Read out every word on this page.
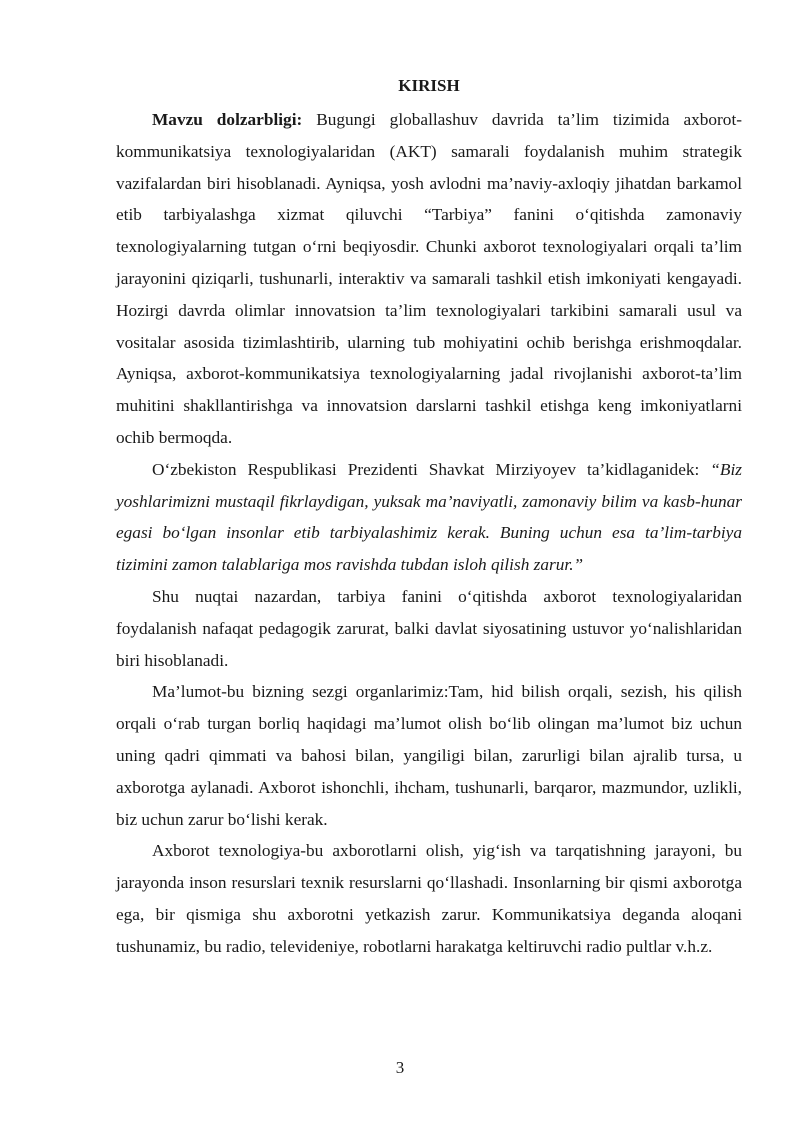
KIRISH

Mavzu dolzarbligi: Bugungi globallashuv davrida ta’lim tizimida axborot-kommunikatsiya texnologiyalaridan (AKT) samarali foydalanish muhim strategik vazifalardan biri hisoblanadi. Ayniqsa, yosh avlodni ma’naviy-axloqiy jihatdan barkamol etib tarbiyalashga xizmat qiluvchi “Tarbiya” fanini o‘qitishda zamonaviy texnologiyalarning tutgan o‘rni beqiyosdir. Chunki axborot texnologiyalari orqali ta’lim jarayonini qiziqarli, tushunarli, interaktiv va samarali tashkil etish imkoniyati kengayadi. Hozirgi davrda olimlar innovatsion ta’lim texnologiyalari tarkibini samarali usul va vositalar asosida tizimlashtirib, ularning tub mohiyatini ochib berishga erishmoqdalar. Ayniqsa, axborot-kommunikatsiya texnologiyalarning jadal rivojlanishi axborot-ta’lim muhitini shakllantirishga va innovatsion darslarni tashkil etishga keng imkoniyatlarni ochib bermoqda.

O‘zbekiston Respublikasi Prezidenti Shavkat Mirziyoyev ta’kidlaganidek: “Biz yoshlarimizni mustaqil fikrlaydigan, yuksak ma’naviyatli, zamonaviy bilim va kasb-hunar egasi bo‘lgan insonlar etib tarbiyalashimiz kerak. Buning uchun esa ta’lim-tarbiya tizimini zamon talablariga mos ravishda tubdan isloh qilish zarur.”

Shu nuqtai nazardan, tarbiya fanini o‘qitishda axborot texnologiyalaridan foydalanish nafaqat pedagogik zarurat, balki davlat siyosatining ustuvor yo‘nalishlaridan biri hisoblanadi.

Ma’lumot-bu bizning sezgi organlarimiz:Tam, hid bilish orqali, sezish, his qilish orqali o‘rab turgan borliq haqidagi ma’lumot olish bo‘lib olingan ma’lumot biz uchun uning qadri qimmati va bahosi bilan, yangiligi bilan, zarurligi bilan ajralib tursa, u axborotga aylanadi. Axborot ishonchli, ihcham, tushunarli, barqaror, mazmundor, uzlikli, biz uchun zarur bo‘lishi kerak.

Axborot texnologiya-bu axborotlarni olish, yig‘ish va tarqatishning jarayoni, bu jarayonda inson resurslari texnik resurslarni qo‘llashadi. Insonlarning bir qismi axborotga ega, bir qismiga shu axborotni yetkazish zarur. Kommunikatsiya deganda aloqani tushunamiz, bu radio, televideniye, robotlarni harakatga keltiruvchi radio pultlar v.h.z.

3
